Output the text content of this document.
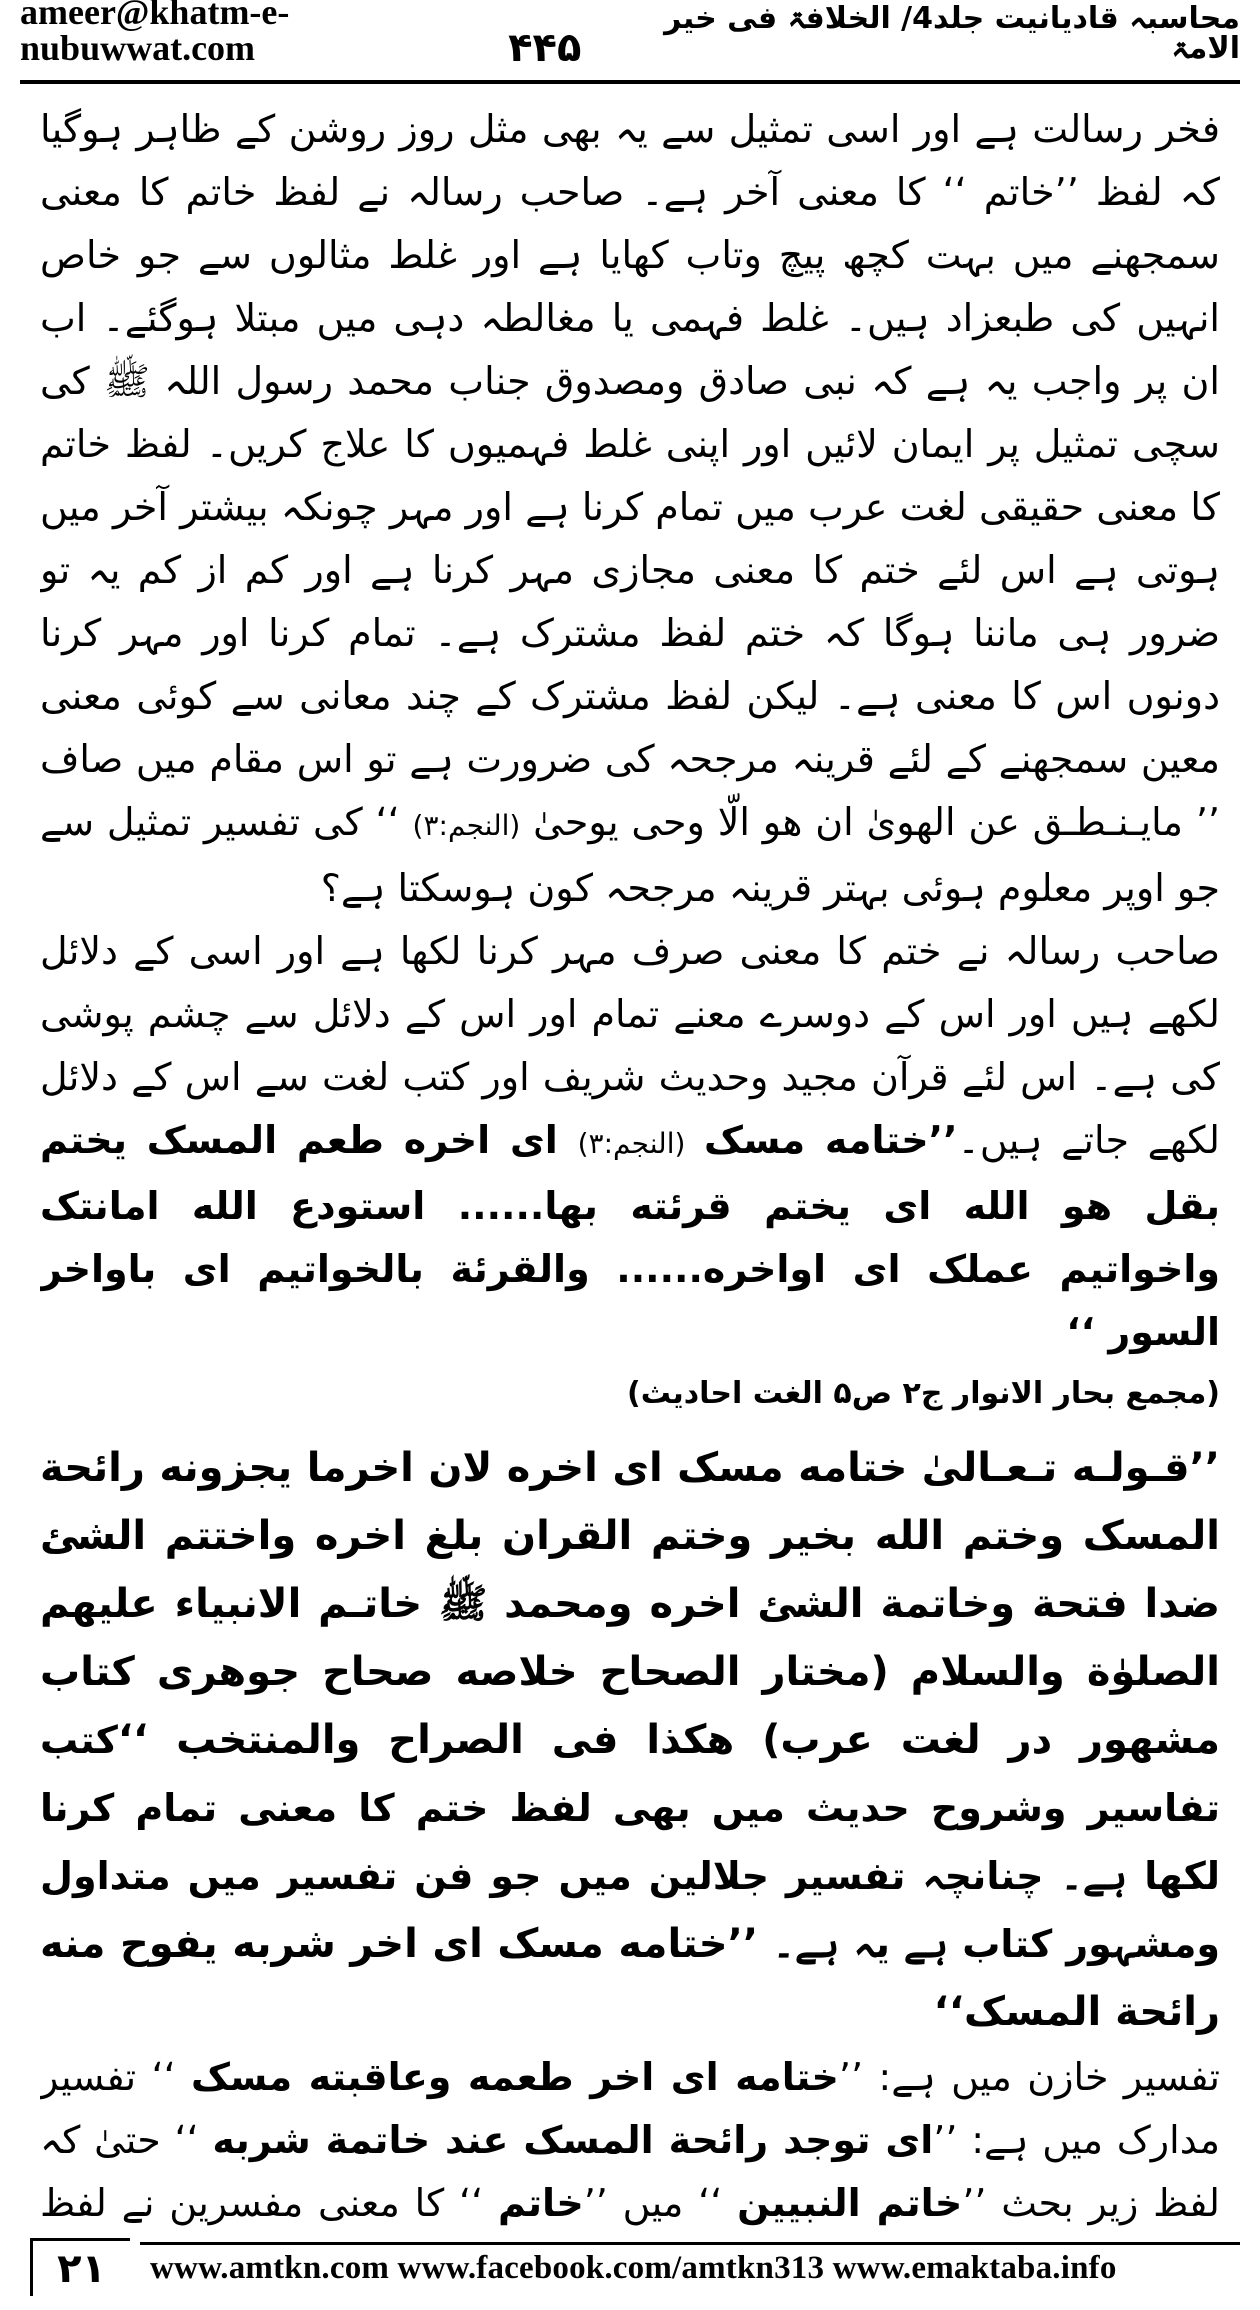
ameer@khatm-e-nubuwwat.com
محاسبہ قادیانیت جلد4/ الخلافۃ فی خیر الامۃ
۴۴۵

فخر رسالت ہے اور اسی تمثیل سے یہ بھی مثل روز روشن کے ظاہر ہوگیا کہ لفظ ’’خاتم ‘‘ کا معنی آخر ہے۔ صاحب رسالہ نے لفظ خاتم کا معنی سمجھنے میں بہت کچھ پیچ وتاب کھایا ہے اور غلط مثالوں سے جو خاص انہیں کی طبعزاد ہیں۔ غلط فہمی یا مغالطہ دہی میں مبتلا ہوگئے۔ اب ان پر واجب یہ ہے کہ نبی صادق ومصدوق جناب محمد رسول اللہ ﷺ کی سچی تمثیل پر ایمان لائیں اور اپنی غلط فہمیوں کا علاج کریں۔ لفظ خاتم کا معنی حقیقی لغت عرب میں تمام کرنا ہے اور مہر چونکہ بیشتر آخر میں ہوتی ہے اس لئے ختم کا معنی مجازی مہر کرنا ہے اور کم از کم یہ تو ضرور ہی ماننا ہوگا کہ ختم لفظ مشترک ہے۔ تمام کرنا اور مہر کرنا دونوں اس کا معنی ہے۔ لیکن لفظ مشترک کے چند معانی سے کوئی معنی معین سمجھنے کے لئے قرینہ مرجحہ کی ضرورت ہے تو اس مقام میں صاف ’’ مایـنـطـق عن الهوىٰ ان هو الّا وحی یوحیٰ (النجم:۳) ‘‘ کی تفسیر تمثیل سے جو اوپر معلوم ہوئی بہتر قرینہ مرجحہ کون ہوسکتا ہے؟

صاحب رسالہ نے ختم کا معنی صرف مہر کرنا لکھا ہے اور اسی کے دلائل لکھے ہیں اور اس کے دوسرے معنے تمام اور اس کے دلائل سے چشم پوشی کی ہے۔ اس لئے قرآن مجید وحدیث شریف اور کتب لغت سے اس کے دلائل لکھے جاتے ہیں۔’’ختامه مسک (النجم:۳) ای اخره طعم المسک یختم بقل هو الله ای یختم قرئته بها...... استودع الله امانتک واخواتیم عملک ای اواخره...... والقرئة بالخواتیم ای باواخر السور ‘‘

(مجمع بحار الانوار ج۲ ص۵ الغت احادیث)

’’قـولـه تـعـالىٰ ختامه مسک ای اخره لان اخرما یجزونه رائحة المسک وختم الله بخیر وختم القران بلغ اخره واختتم الشئ ضدا فتحة وخاتمة الشئ اخره ومحمد ﷺ خاتـم الانبیاء علیهم الصلوٰة والسلام (مختار الصحاح خلاصه صحاح جوهری کتاب مشهور در لغت عرب) هکذا فی الصراح والمنتخب ‘‘کتب تفاسیر وشروح حدیث میں بھی لفظ ختم کا معنی تمام کرنا لکھا ہے۔ چنانچہ تفسیر جلالین میں جو فن تفسیر میں متداول ومشہور کتاب ہے یہ ہے۔ ’’ختامه مسک ای اخر شربه یفوح منه رائحة المسک‘‘

تفسیر خازن میں ہے: ’’ختامه ای اخر طعمه وعاقبته مسک ‘‘ تفسیر مدارک میں ہے: ’’ای توجد رائحة المسک عند خاتمة شربه ‘‘ حتیٰ کہ لفظ زیر بحث ’’خاتم النبیین ‘‘ میں ’’خاتم ‘‘ کا معنی مفسرین نے لفظ

۲۱	www.amtkn.com www.facebook.com/amtkn313 www.emaktaba.info
